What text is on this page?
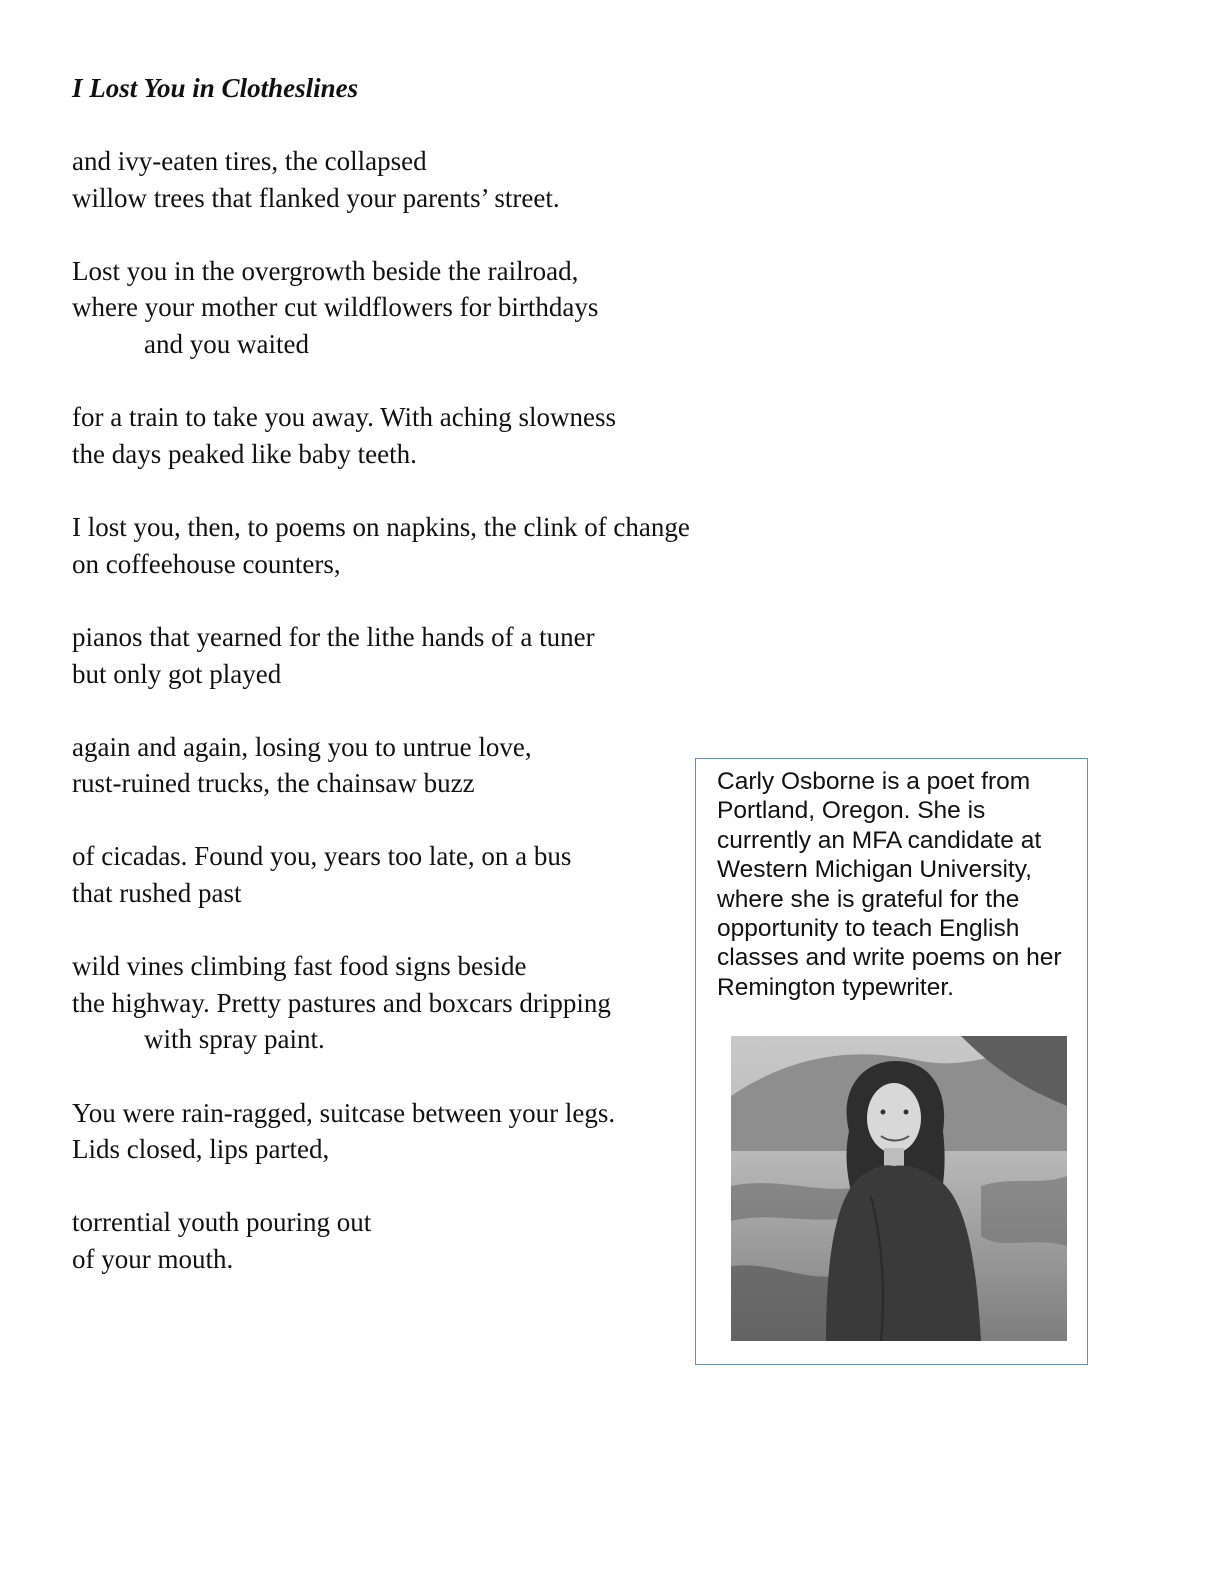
I Lost You in Clotheslines
and ivy-eaten tires, the collapsed
willow trees that flanked your parents’ street.
Lost you in the overgrowth beside the railroad,
where your mother cut wildflowers for birthdays
and you waited
for a train to take you away. With aching slowness
the days peaked like baby teeth.
I lost you, then, to poems on napkins, the clink of change
on coffeehouse counters,
pianos that yearned for the lithe hands of a tuner
but only got played
again and again, losing you to untrue love,
rust-ruined trucks, the chainsaw buzz
of cicadas. Found you, years too late, on a bus
that rushed past
wild vines climbing fast food signs beside
the highway. Pretty pastures and boxcars dripping
with spray paint.
You were rain-ragged, suitcase between your legs.
Lids closed, lips parted,
torrential youth pouring out
of your mouth.
Carly Osborne is a poet from
Portland, Oregon. She is
currently an MFA candidate at
Western Michigan University,
where she is grateful for the
opportunity to teach English
classes and write poems on her
Remington typewriter.
